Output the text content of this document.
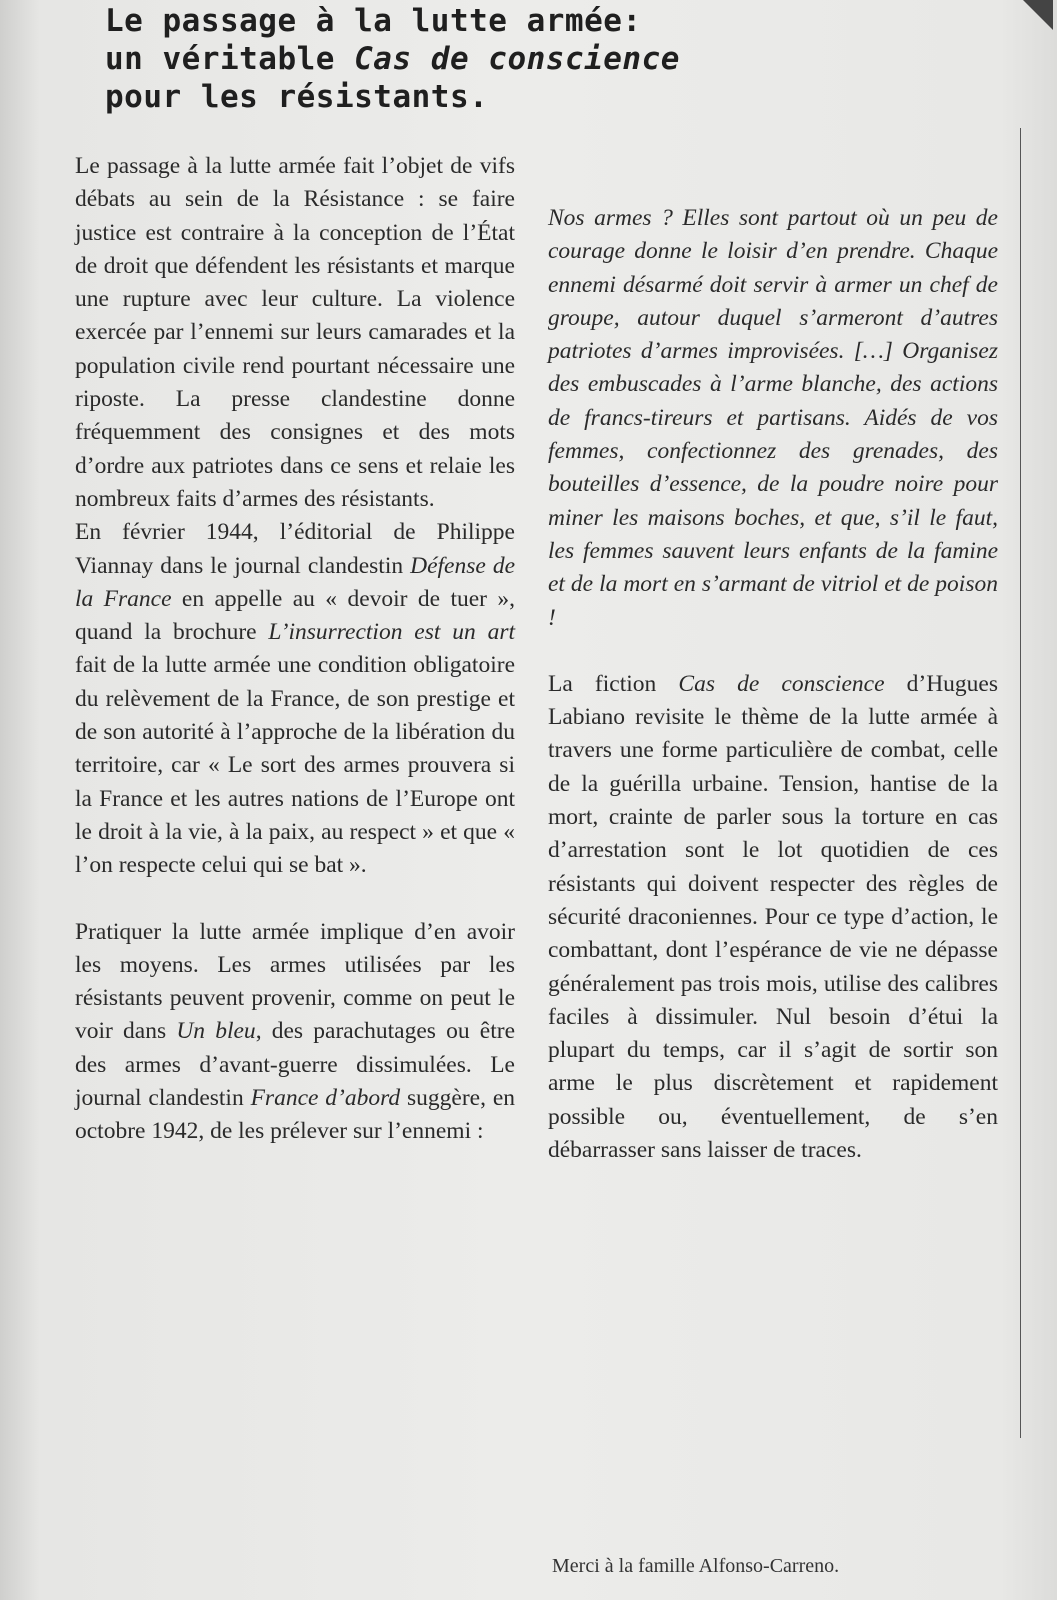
Le passage à la lutte armée:
un véritable Cas de conscience
pour les résistants.

Le passage à la lutte armée fait l’objet de vifs débats au sein de la Résistance : se faire justice est contraire à la conception de l’État de droit que défendent les résistants et marque une rupture avec leur culture. La violence exercée par l’ennemi sur leurs camarades et la population civile rend pourtant nécessaire une riposte. La presse clandestine donne fréquemment des consignes et des mots d’ordre aux patriotes dans ce sens et relaie les nombreux faits d’armes des résistants.

En février 1944, l’éditorial de Philippe Viannay dans le journal clandestin Défense de la France en appelle au « devoir de tuer », quand la brochure L’insurrection est un art fait de la lutte armée une condition obligatoire du relèvement de la France, de son prestige et de son autorité à l’approche de la libération du territoire, car « Le sort des armes prouvera si la France et les autres nations de l’Europe ont le droit à la vie, à la paix, au respect » et que « l’on respecte celui qui se bat ».

Pratiquer la lutte armée implique d’en avoir les moyens. Les armes utilisées par les résistants peuvent provenir, comme on peut le voir dans Un bleu, des parachutages ou être des armes d’avant-guerre dissimulées. Le journal clandestin France d’abord suggère, en octobre 1942, de les prélever sur l’ennemi :

Nos armes ? Elles sont partout où un peu de courage donne le loisir d’en prendre. Chaque ennemi désarmé doit servir à armer un chef de groupe, autour duquel s’armeront d’autres patriotes d’armes improvisées. […] Organisez des embuscades à l’arme blanche, des actions de francs-tireurs et partisans. Aidés de vos femmes, confectionnez des grenades, des bouteilles d’essence, de la poudre noire pour miner les maisons boches, et que, s’il le faut, les femmes sauvent leurs enfants de la famine et de la mort en s’armant de vitriol et de poison !

La fiction Cas de conscience d’Hugues Labiano revisite le thème de la lutte armée à travers une forme particulière de combat, celle de la guérilla urbaine. Tension, hantise de la mort, crainte de parler sous la torture en cas d’arrestation sont le lot quotidien de ces résistants qui doivent respecter des règles de sécurité draconiennes. Pour ce type d’action, le combattant, dont l’espérance de vie ne dépasse généralement pas trois mois, utilise des calibres faciles à dissimuler. Nul besoin d’étui la plupart du temps, car il s’agit de sortir son arme le plus discrètement et rapidement possible ou, éventuellement, de s’en débarrasser sans laisser de traces.

Merci à la famille Alfonso-Carreno.
